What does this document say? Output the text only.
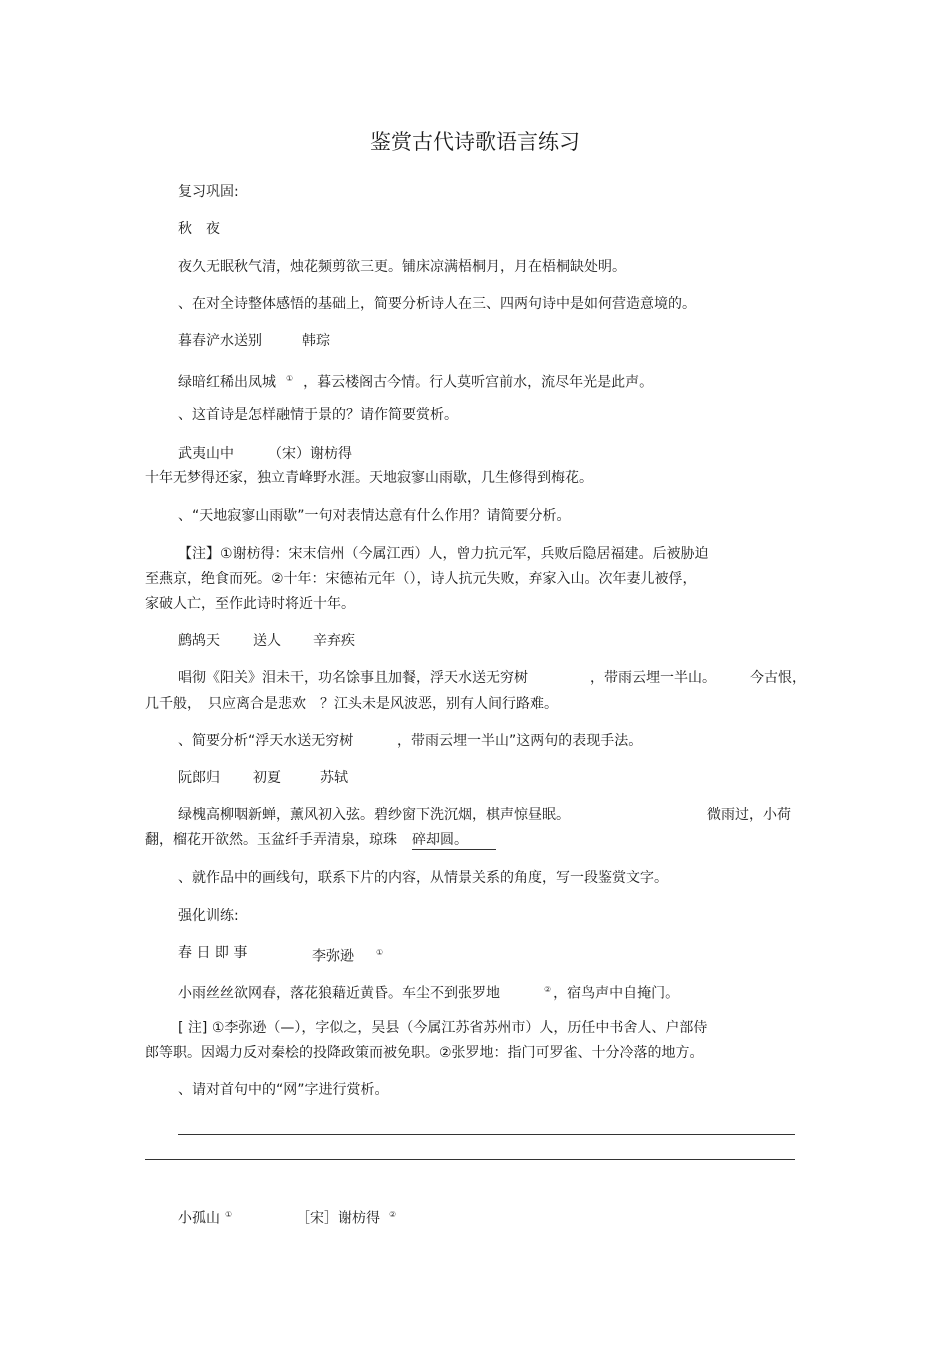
鉴赏古代诗歌语言练习
复习巩固:
秋　夜
夜久无眠秋气清，烛花频剪欲三更。铺床凉满梧桐月，月在梧桐缺处明。
、在对全诗整体感悟的基础上，简要分析诗人在三、四两句诗中是如何营造意境的。
暮春浐水送别	韩琮
绿暗红稀出凤城 ① ，暮云楼阁古今情。行人莫听宫前水，流尽年光是此声。
、这首诗是怎样融情于景的？请作简要赏析。
武夷山中 （宋）谢枋得
十年无梦得还家，独立青峰野水涯。天地寂寥山雨歇，几生修得到梅花。
、“天地寂寥山雨歇”一句对表情达意有什么作用？请简要分析。
【注】①谢枋得：宋末信州（今属江西）人，曾力抗元军，兵败后隐居福建。后被胁迫
至燕京，绝食而死。②十年：宋德祐元年（），诗人抗元失败，弃家入山。次年妻儿被俘，
家破人亡，至作此诗时将近十年。
鹧鸪天 送人 辛弃疾
唱彻《阳关》泪未干，功名馀事且加餐，浮天水送无穷树	，带雨云埋一半山。 今古恨，
几千般，　只应离合是悲欢　？江头未是风波恶，别有人间行路难。
、简要分析“浮天水送无穷树	，带雨云埋一半山”这两句的表现手法。
阮郎归 初夏	苏轼
绿槐高柳咽新蝉，薰风初入弦。碧纱窗下洗沉烟，棋声惊昼眠。	微雨过，小荷
翻，榴花开欲然。玉盆纤手弄清泉，琼珠 碎却圆。
、就作品中的画线句，联系下片的内容，从情景关系的角度，写一段鉴赏文字。
强化训练:
春 日 即 事	李弥逊	①
小雨丝丝欲网春，落花狼藉近黄昏。车尘不到张罗地	② ，宿鸟声中自掩门。
[ 注] ①李弥逊（—），字似之，吴县（今属江苏省苏州市）人，历任中书舍人、户部侍
郎等职。因竭力反对秦桧的投降政策而被免职。②张罗地：指门可罗雀、十分冷落的地方。
、请对首句中的“网”字进行赏析。
小孤山 ①	［宋］谢枋得 ②
